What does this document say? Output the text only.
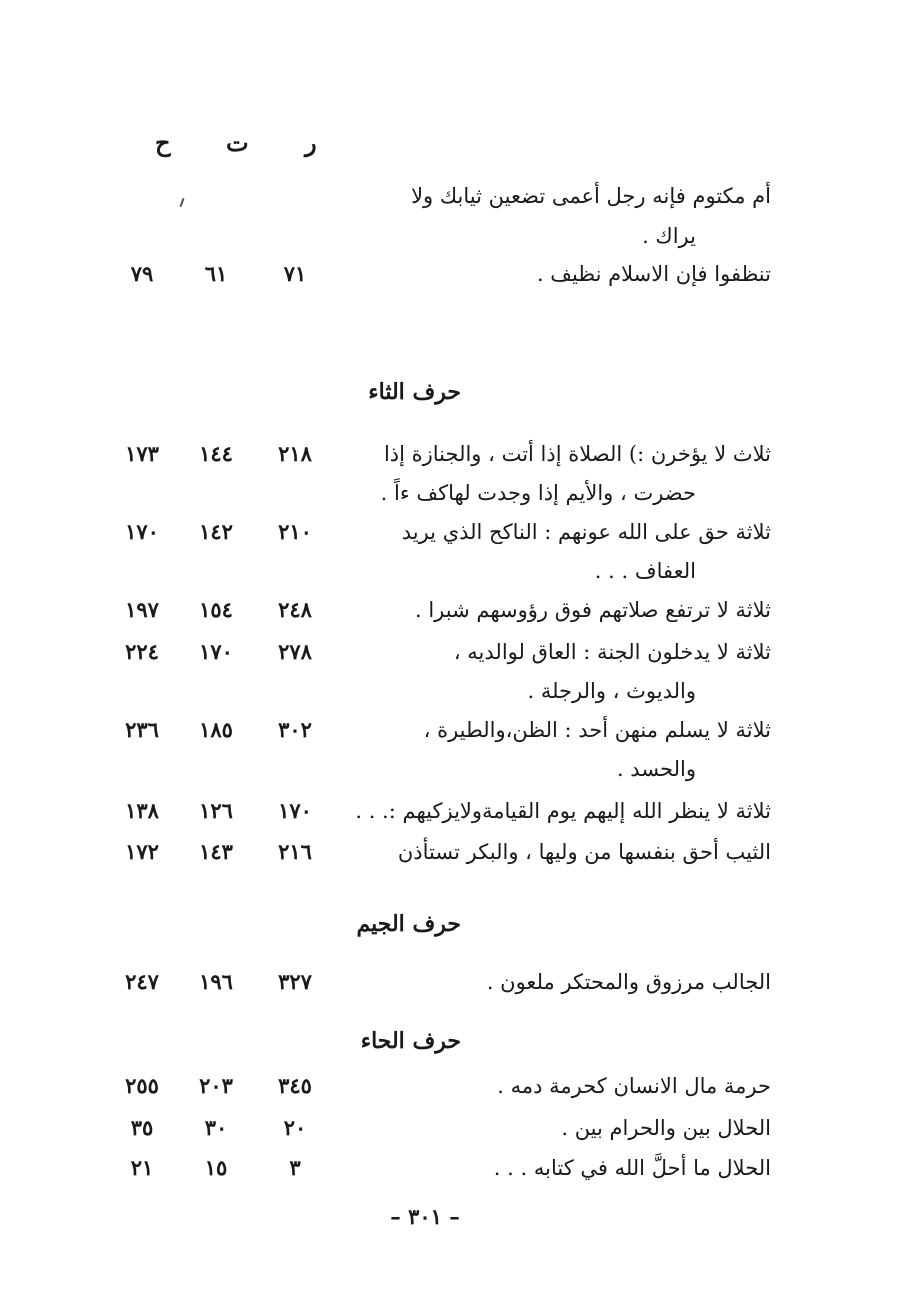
ر
ت
ح
أم مكتوم فإنه رجل أعمى تضعين ثيابك ولا
يراك .
تنظفوا فإن الاسلام نظيف .
٧١
٦١
٧٩
حرف الثاء
ثلاث لا يؤخرن :) الصلاة إذا أتت ، والجنازة إذا
٢١٨
١٤٤
١٧٣
حضرت ، والأيم إذا وجدت لهاكف ءاً .
ثلاثة حق على الله عونهم : الناكح الذي يريد
٢١٠
١٤٢
١٧٠
العفاف . . .
ثلاثة لا ترتفع صلاتهم فوق رؤوسهم شبرا .
٢٤٨
١٥٤
١٩٧
ثلاثة لا يدخلون الجنة : العاق لوالديه ،
٢٧٨
١٧٠
٢٢٤
والديوث ، والرجلة .
ثلاثة لا يسلم منهن أحد : الظن،والطيرة ،
٣٠٢
١٨٥
٢٣٦
والحسد .
ثلاثة لا ينظر الله إليهم يوم القيامةولايزكيهم :. . .
١٧٠
١٢٦
١٣٨
الثيب أحق بنفسها من وليها ، والبكر تستأذن
٢١٦
١٤٣
١٧٢
حرف الجيم
الجالب مرزوق والمحتكر ملعون .
٣٢٧
١٩٦
٢٤٧
حرف الحاء
حرمة مال الانسان كحرمة دمه .
٣٤٥
٢٠٣
٢٥٥
الحلال بين والحرام بين .
٢٠
٣٠
٣٥
الحلال ما أحلَّ الله في كتابه . . .
٣
١٥
٢١
– ٣٠١ –
